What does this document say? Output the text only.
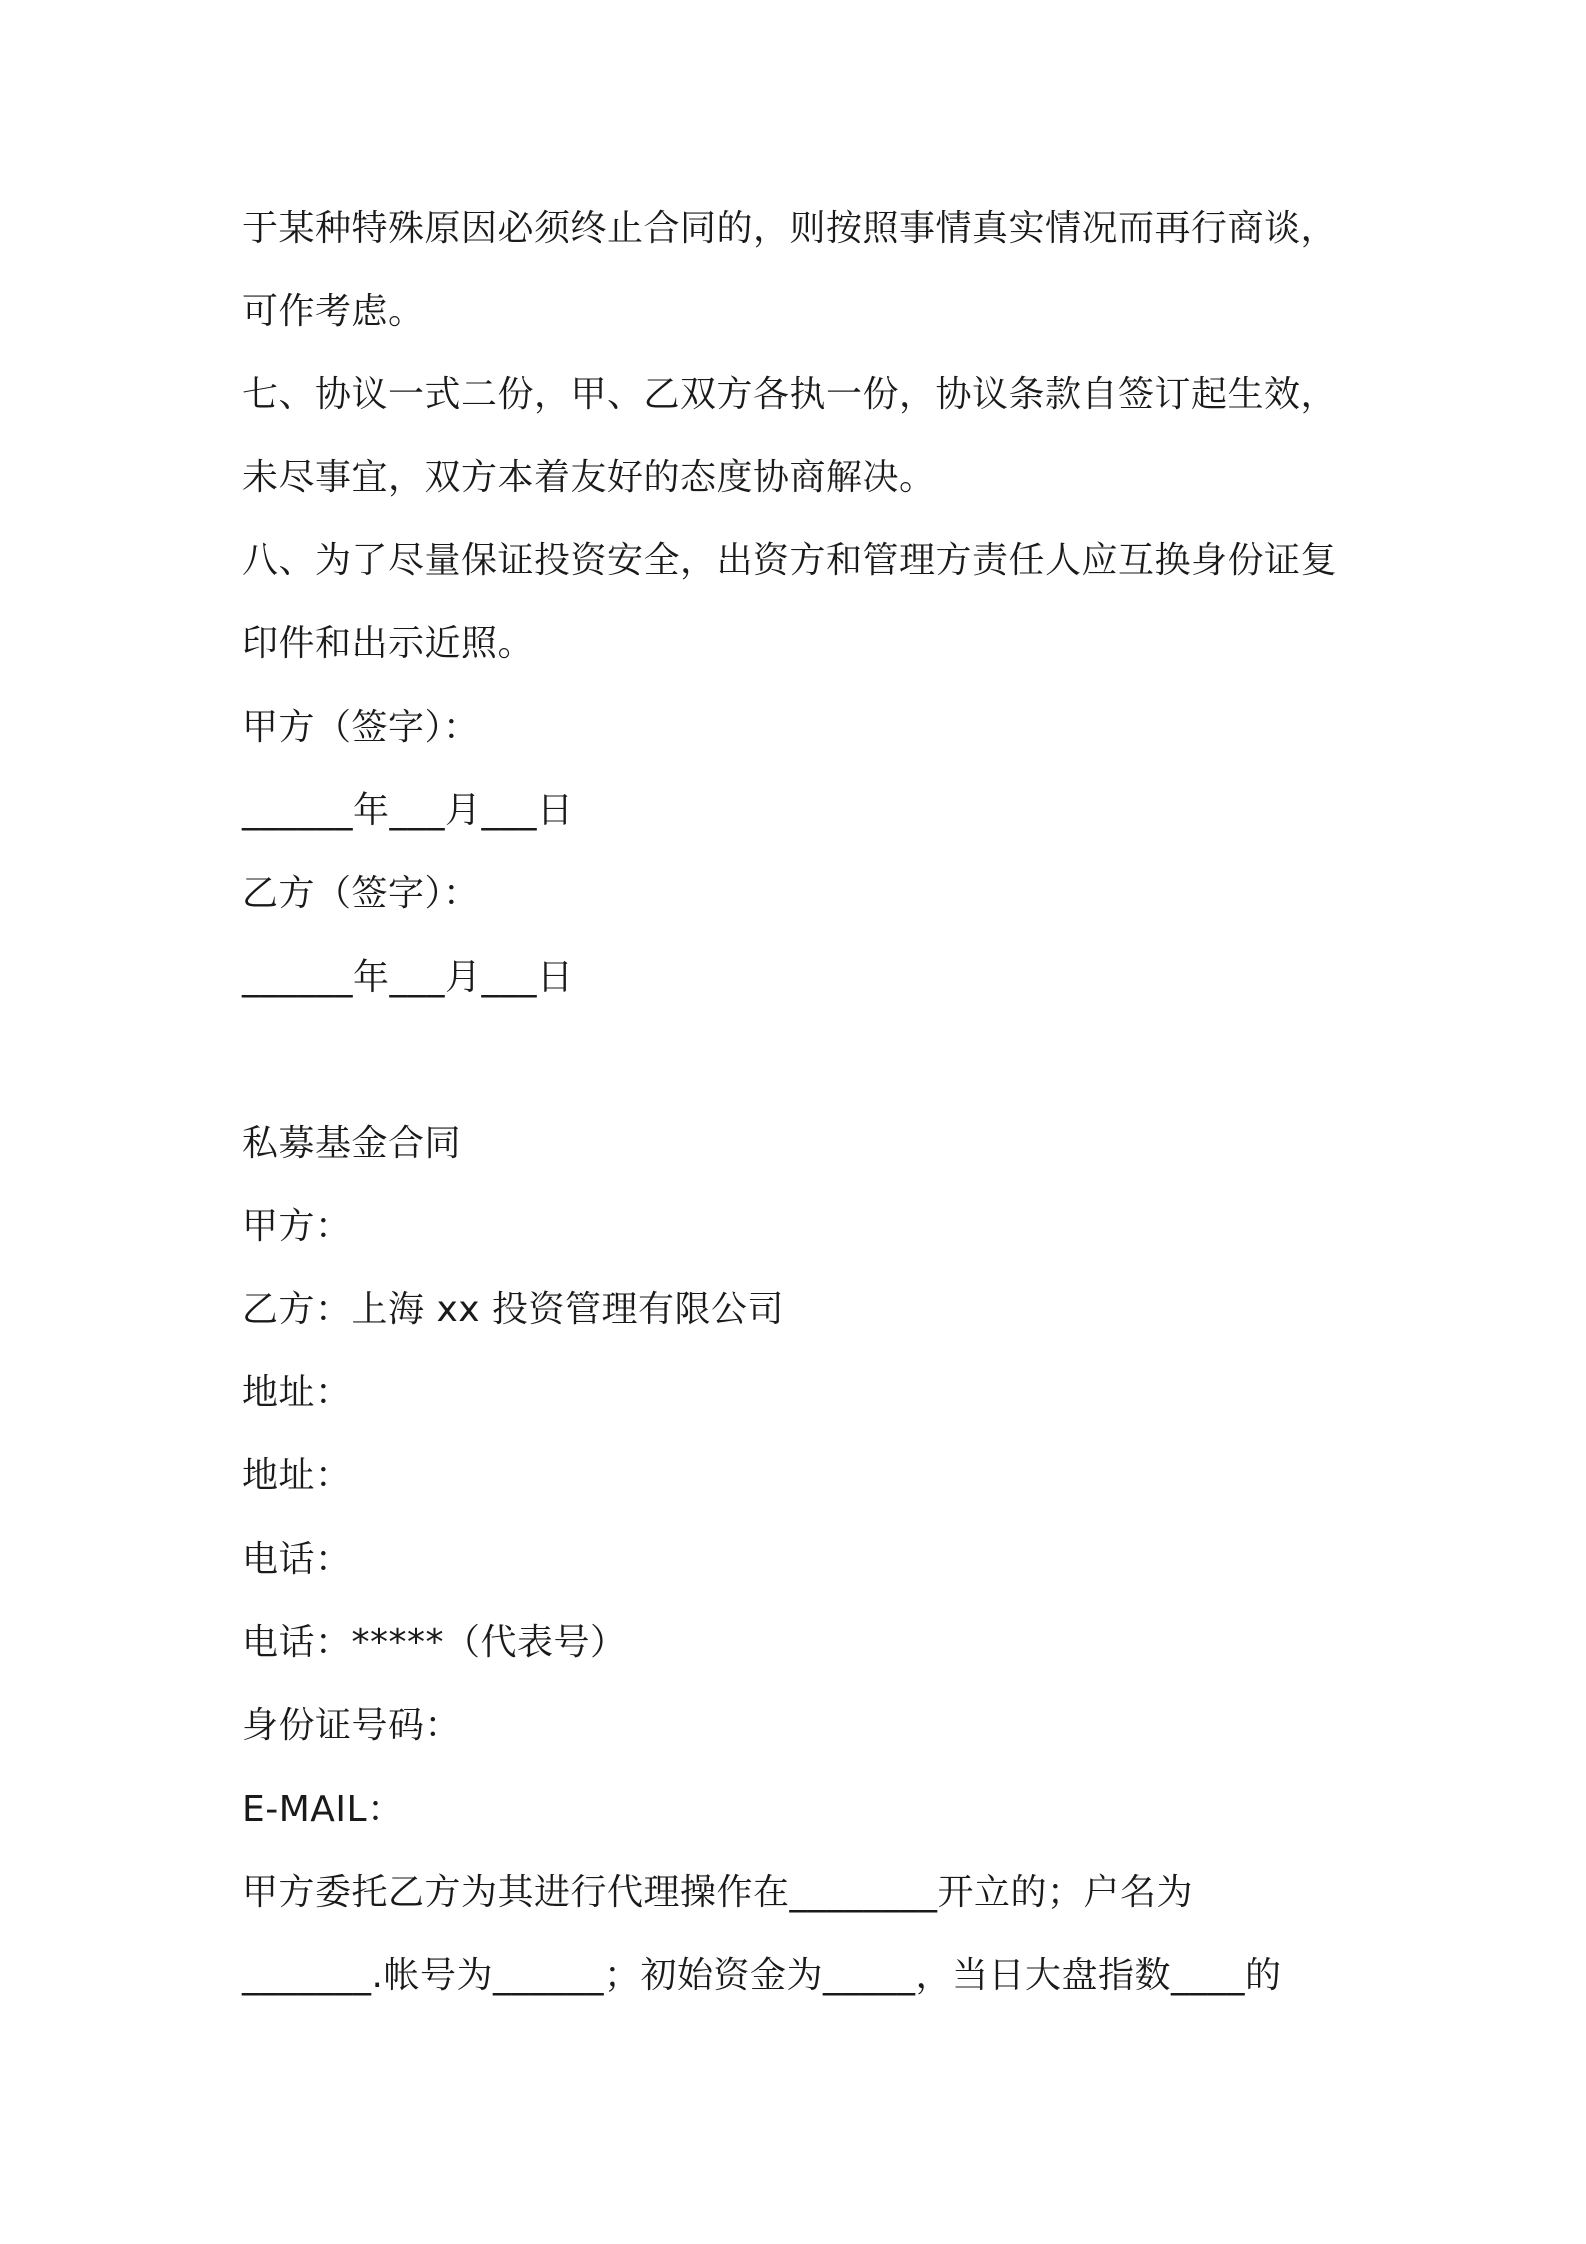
于某种特殊原因必须终止合同的，则按照事情真实情况而再行商谈，

可作考虑。

七、协议一式二份，甲、乙双方各执一份，协议条款自签订起生效，

未尽事宜，双方本着友好的态度协商解决。

八、为了尽量保证投资安全，出资方和管理方责任人应互换身份证复

印件和出示近照。

甲方（签字）：

______年___月___日

乙方（签字）：

______年___月___日

私募基金合同

甲方：

乙方：上海 xx 投资管理有限公司

地址：

地址：

电话：

电话：*****（代表号）

身份证号码：

E-MAIL：

甲方委托乙方为其进行代理操作在________开立的；户名为

_______.帐号为______；初始资金为_____，当日大盘指数____的
